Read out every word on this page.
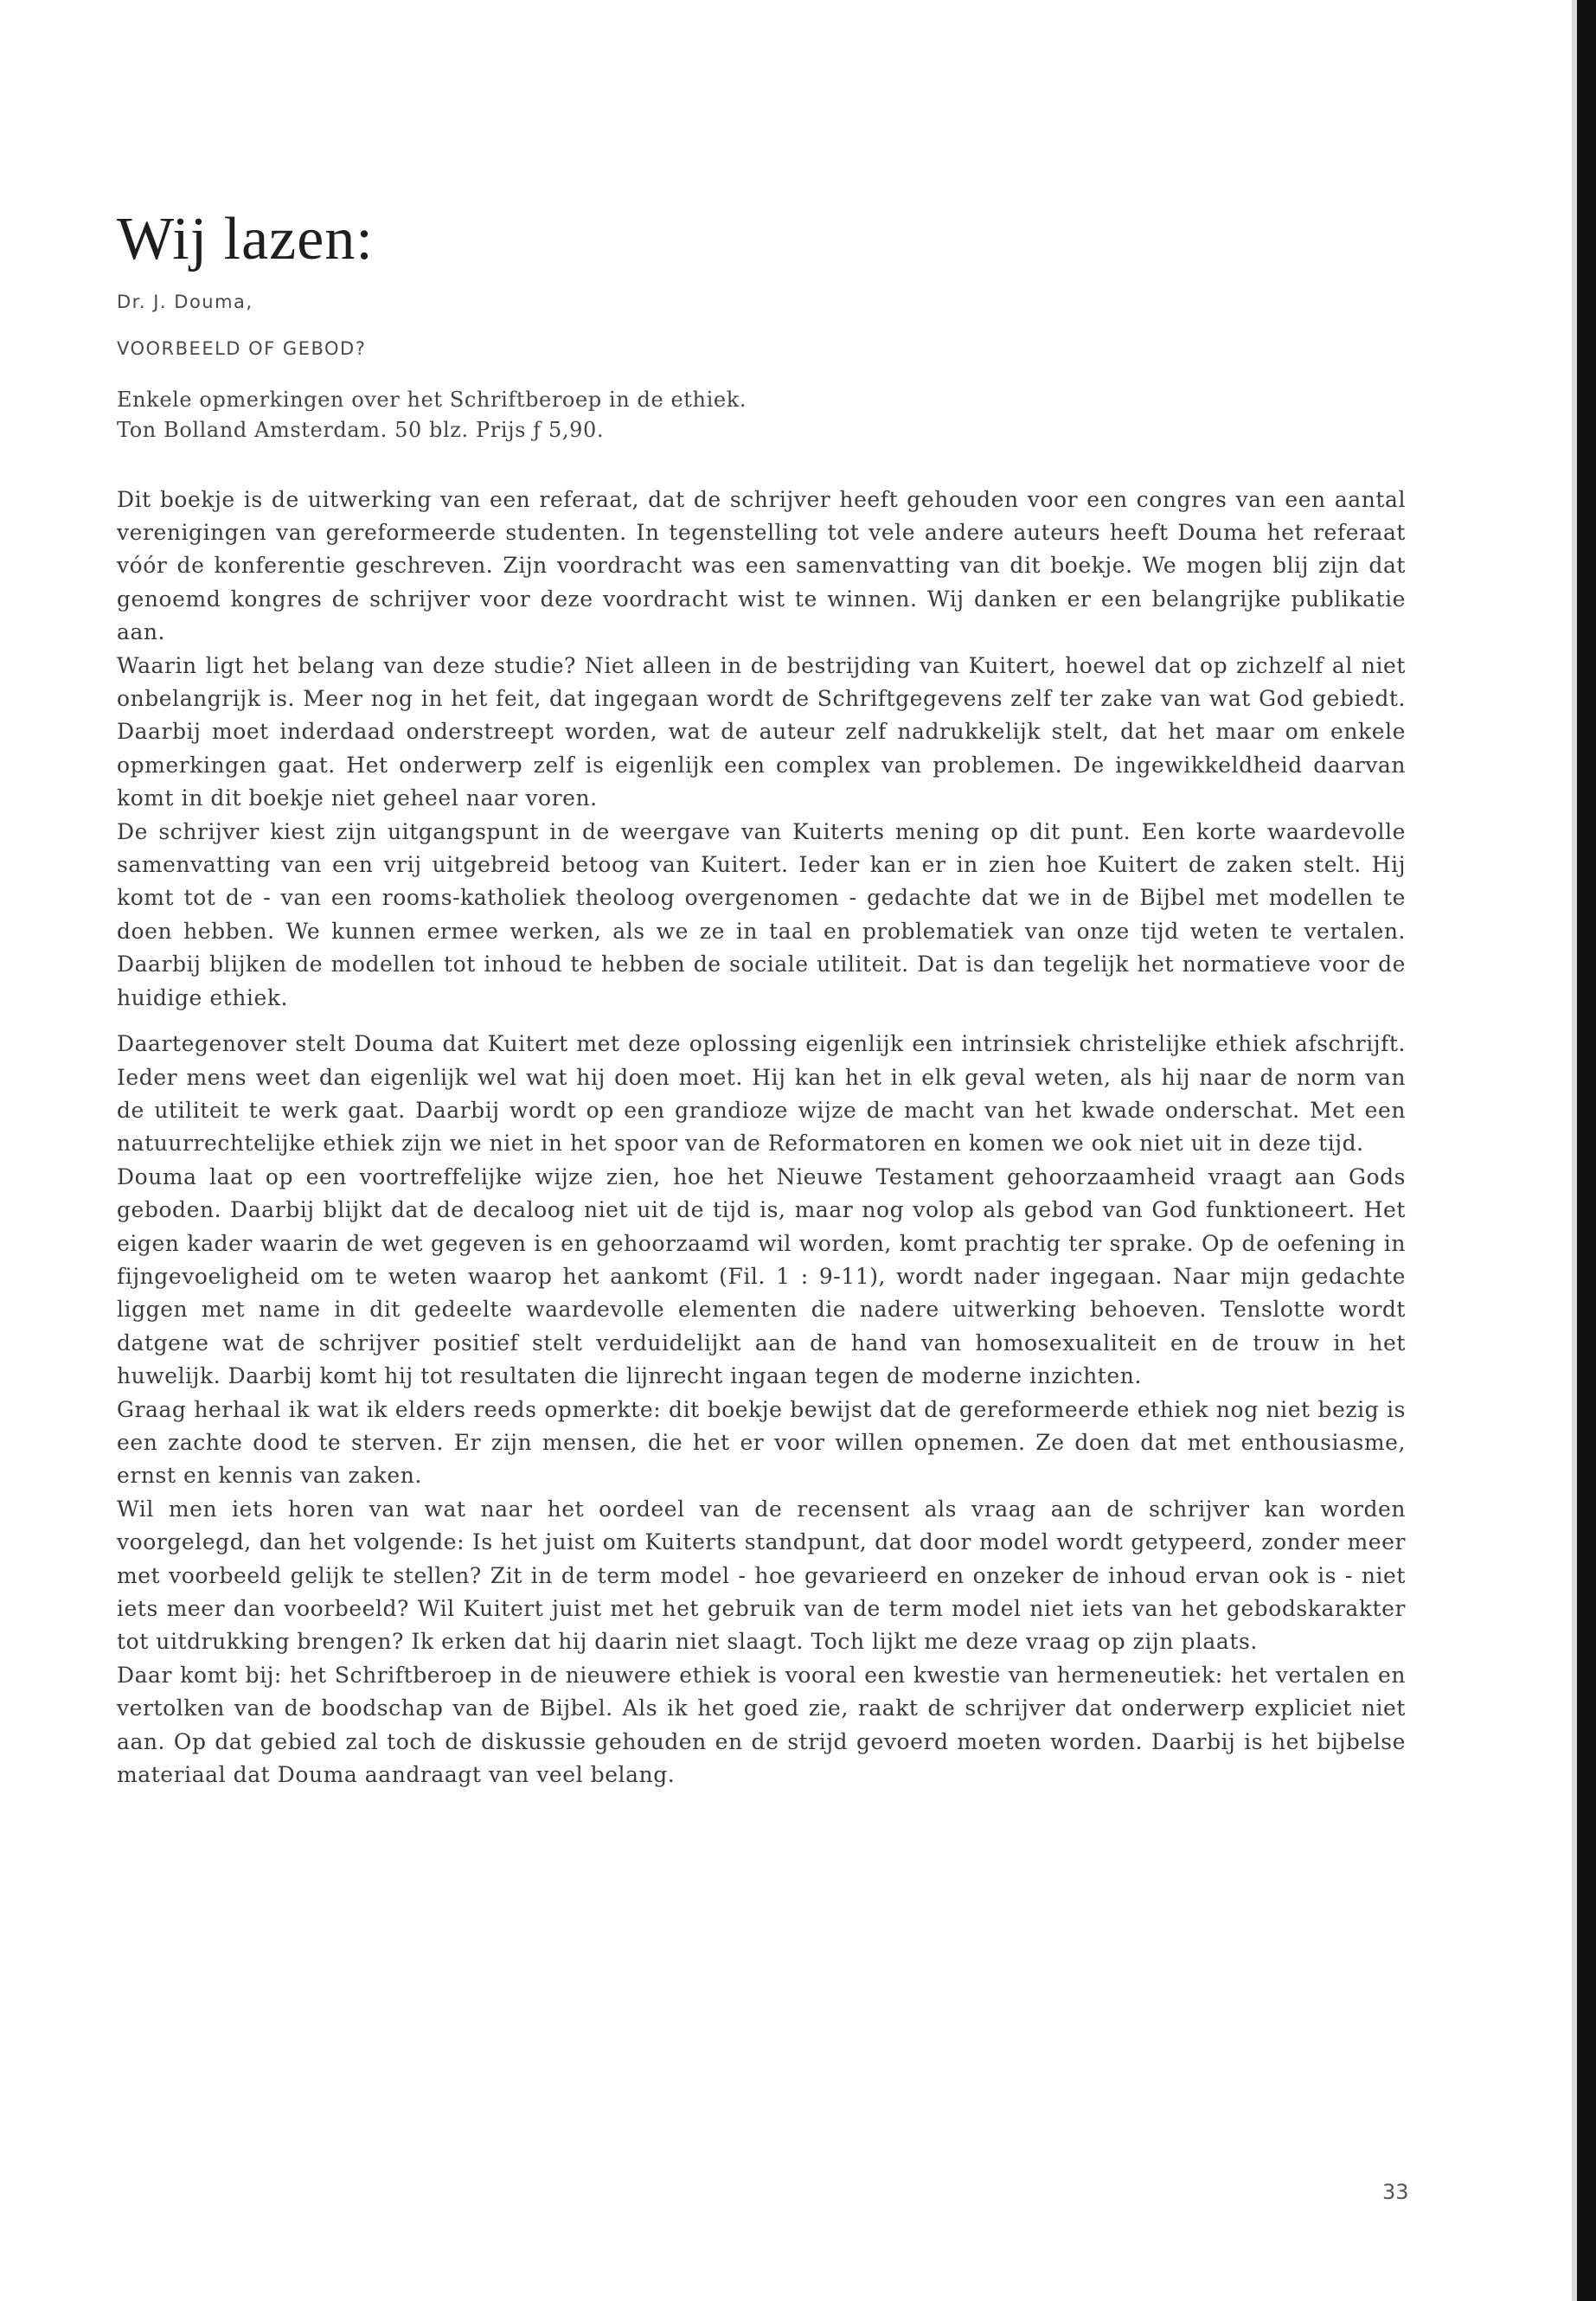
Wij lazen:

Dr. J. Douma,

VOORBEELD OF GEBOD?

Enkele opmerkingen over het Schriftberoep in de ethiek.

Ton Bolland Amsterdam. 50 blz. Prijs ƒ 5,90.

Dit boekje is de uitwerking van een referaat, dat de schrijver heeft gehouden voor een congres van een aantal verenigingen van gereformeerde studenten. In tegenstelling tot vele andere auteurs heeft Douma het referaat vóór de konferentie geschreven. Zijn voordracht was een samenvatting van dit boekje. We mogen blij zijn dat genoemd kongres de schrijver voor deze voordracht wist te winnen. Wij danken er een belangrijke publikatie aan.

Waarin ligt het belang van deze studie? Niet alleen in de bestrijding van Kuitert, hoewel dat op zichzelf al niet onbelangrijk is. Meer nog in het feit, dat ingegaan wordt de Schriftgegevens zelf ter zake van wat God gebiedt. Daarbij moet inderdaad onderstreept worden, wat de auteur zelf nadrukkelijk stelt, dat het maar om enkele opmerkingen gaat. Het onderwerp zelf is eigenlijk een complex van problemen. De ingewikkeldheid daarvan komt in dit boekje niet geheel naar voren.

De schrijver kiest zijn uitgangspunt in de weergave van Kuiterts mening op dit punt. Een korte waardevolle samenvatting van een vrij uitgebreid betoog van Kuitert. Ieder kan er in zien hoe Kuitert de zaken stelt. Hij komt tot de - van een rooms-katholiek theoloog overgenomen - gedachte dat we in de Bijbel met modellen te doen hebben. We kunnen ermee werken, als we ze in taal en problematiek van onze tijd weten te vertalen. Daarbij blijken de modellen tot inhoud te hebben de sociale utiliteit. Dat is dan tegelijk het normatieve voor de huidige ethiek.

Daartegenover stelt Douma dat Kuitert met deze oplossing eigenlijk een intrinsiek christelijke ethiek afschrijft. Ieder mens weet dan eigenlijk wel wat hij doen moet. Hij kan het in elk geval weten, als hij naar de norm van de utiliteit te werk gaat. Daarbij wordt op een grandioze wijze de macht van het kwade onderschat. Met een natuurrechtelijke ethiek zijn we niet in het spoor van de Reformatoren en komen we ook niet uit in deze tijd.

Douma laat op een voortreffelijke wijze zien, hoe het Nieuwe Testament gehoorzaamheid vraagt aan Gods geboden. Daarbij blijkt dat de decaloog niet uit de tijd is, maar nog volop als gebod van God funktioneert. Het eigen kader waarin de wet gegeven is en gehoorzaamd wil worden, komt prachtig ter sprake. Op de oefening in fijngevoeligheid om te weten waarop het aankomt (Fil. 1 : 9-11), wordt nader ingegaan. Naar mijn gedachte liggen met name in dit gedeelte waardevolle elementen die nadere uitwerking behoeven. Tenslotte wordt datgene wat de schrijver positief stelt verduidelijkt aan de hand van homosexualiteit en de trouw in het huwelijk. Daarbij komt hij tot resultaten die lijnrecht ingaan tegen de moderne inzichten.

Graag herhaal ik wat ik elders reeds opmerkte: dit boekje bewijst dat de gereformeerde ethiek nog niet bezig is een zachte dood te sterven. Er zijn mensen, die het er voor willen opnemen. Ze doen dat met enthousiasme, ernst en kennis van zaken.

Wil men iets horen van wat naar het oordeel van de recensent als vraag aan de schrijver kan worden voorgelegd, dan het volgende: Is het juist om Kuiterts standpunt, dat door model wordt getypeerd, zonder meer met voorbeeld gelijk te stellen? Zit in de term model - hoe gevarieerd en onzeker de inhoud ervan ook is - niet iets meer dan voorbeeld? Wil Kuitert juist met het gebruik van de term model niet iets van het gebodskarakter tot uitdrukking brengen? Ik erken dat hij daarin niet slaagt. Toch lijkt me deze vraag op zijn plaats.

Daar komt bij: het Schriftberoep in de nieuwere ethiek is vooral een kwestie van hermeneutiek: het vertalen en vertolken van de boodschap van de Bijbel. Als ik het goed zie, raakt de schrijver dat onderwerp expliciet niet aan. Op dat gebied zal toch de diskussie gehouden en de strijd gevoerd moeten worden. Daarbij is het bijbelse materiaal dat Douma aandraagt van veel belang.

33
